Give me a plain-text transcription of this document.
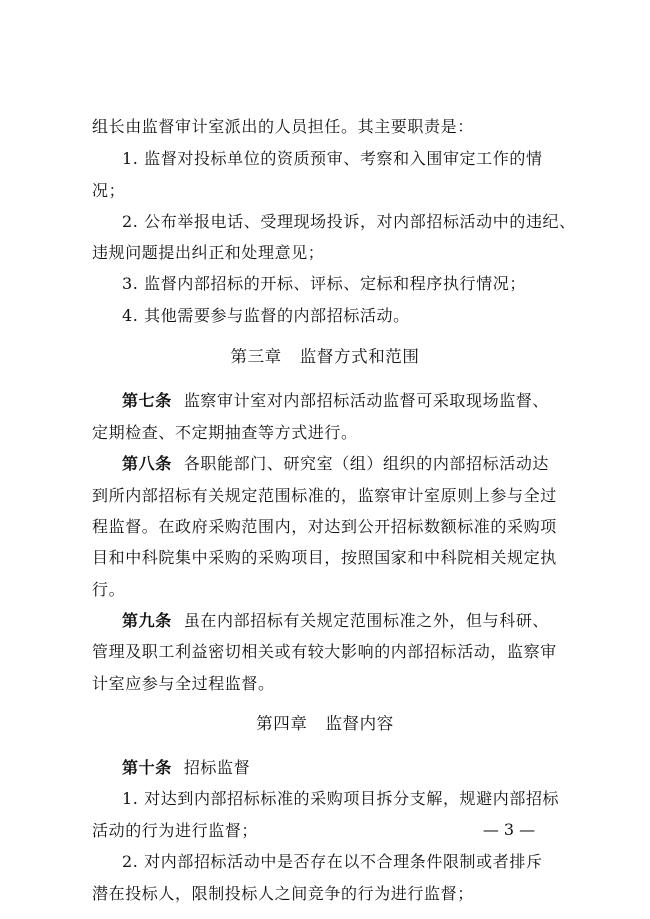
组长由监督审计室派出的人员担任。其主要职责是：
1. 监督对投标单位的资质预审、考察和入围审定工作的情
况；
2. 公布举报电话、受理现场投诉，对内部招标活动中的违纪、
违规问题提出纠正和处理意见；
3. 监督内部招标的开标、评标、定标和程序执行情况；
4. 其他需要参与监督的内部招标活动。
第三章 监督方式和范围
第七条 监察审计室对内部招标活动监督可采取现场监督、
定期检查、不定期抽查等方式进行。
第八条 各职能部门、研究室（组）组织的内部招标活动达
到所内部招标有关规定范围标准的，监察审计室原则上参与全过
程监督。在政府采购范围内，对达到公开招标数额标准的采购项
目和中科院集中采购的采购项目，按照国家和中科院相关规定执
行。
第九条 虽在内部招标有关规定范围标准之外，但与科研、
管理及职工利益密切相关或有较大影响的内部招标活动，监察审
计室应参与全过程监督。
第四章 监督内容
第十条 招标监督
1. 对达到内部招标标准的采购项目拆分支解，规避内部招标
活动的行为进行监督；
2. 对内部招标活动中是否存在以不合理条件限制或者排斥
潜在投标人，限制投标人之间竞争的行为进行监督；
— 3 —
